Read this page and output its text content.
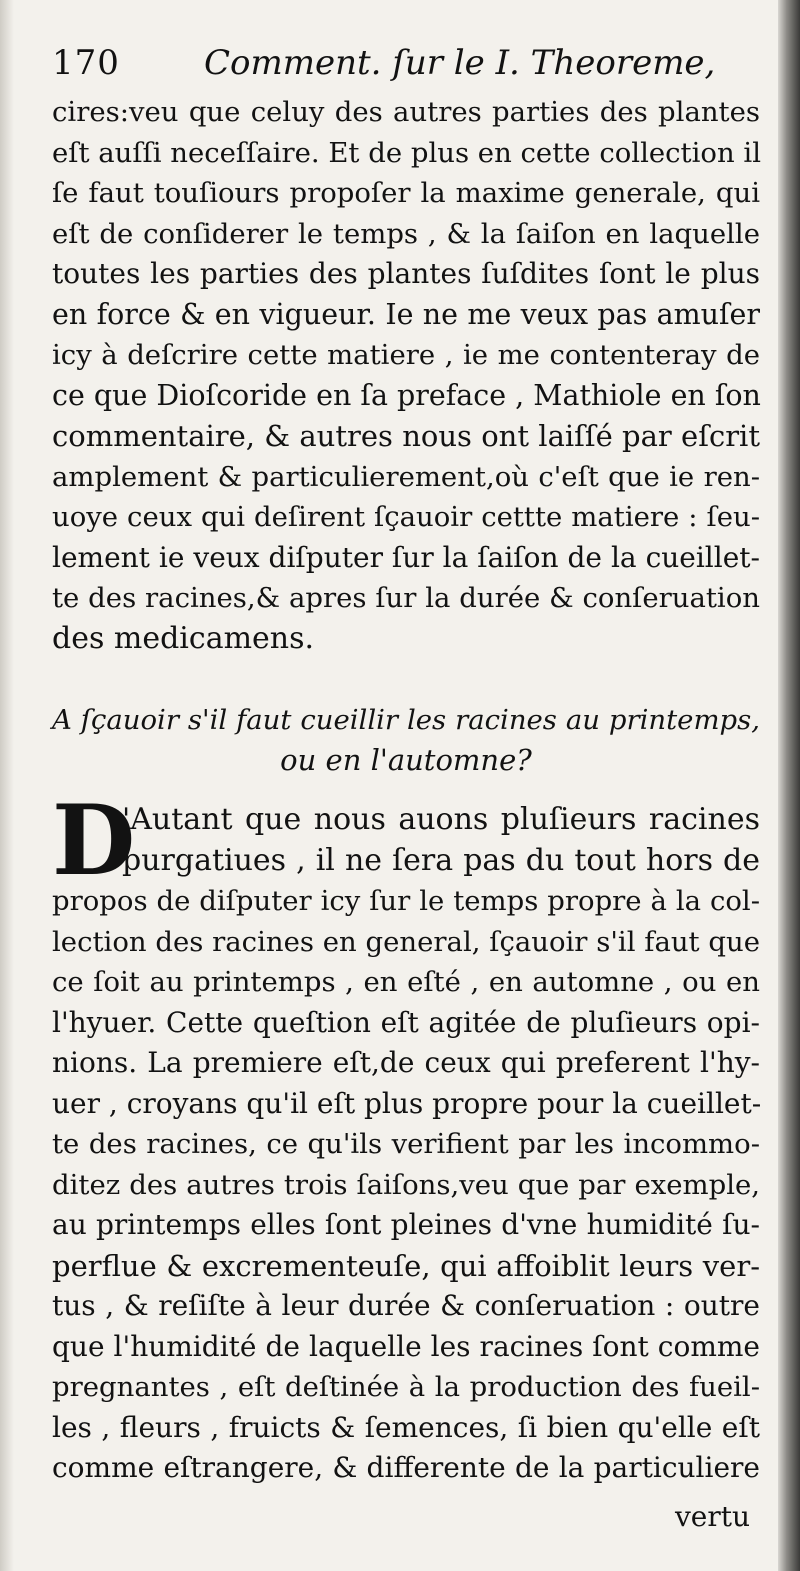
170 Comment. ſur le I. Theoreme,
cires:veu que celuy des autres parties des plantes
eſt auſſi neceſſaire. Et de plus en cette collection il
ſe faut touſiours propoſer la maxime generale, qui
eſt de conſiderer le temps , & la ſaiſon en laquelle
toutes les parties des plantes ſuſdites ſont le plus
en force & en vigueur. Ie ne me veux pas amuſer
icy à deſcrire cette matiere , ie me contenteray de
ce que Dioſcoride en ſa preface , Mathiole en ſon
commentaire, & autres nous ont laiſſé par eſcrit
amplement & particulierement,où c'eſt que ie ren-
uoye ceux qui deſirent ſçauoir cettte matiere : ſeu-
lement ie veux diſputer ſur la ſaiſon de la cueillet-
te des racines,& apres ſur la durée & conſeruation
des medicamens.
A ſçauoir s'il faut cueillir les racines au printemps,
ou en l'automne?
D
'Autant que nous auons pluſieurs racines
purgatiues , il ne ſera pas du tout hors de
propos de diſputer icy ſur le temps propre à la col-
lection des racines en general, ſçauoir s'il faut que
ce ſoit au printemps , en eſté , en automne , ou en
l'hyuer. Cette queſtion eſt agitée de pluſieurs opi-
nions. La premiere eſt,de ceux qui preferent l'hy-
uer , croyans qu'il eſt plus propre pour la cueillet-
te des racines, ce qu'ils verifient par les incommo-
ditez des autres trois ſaiſons,veu que par exemple,
au printemps elles ſont pleines d'vne humidité ſu-
perflue & excrementeuſe, qui affoiblit leurs ver-
tus , & reſiſte à leur durée & conſeruation : outre
que l'humidité de laquelle les racines ſont comme
pregnantes , eſt deſtinée à la production des fueil-
les , fleurs , fruicts & ſemences, ſi bien qu'elle eſt
comme eſtrangere, & differente de la particuliere
vertu
